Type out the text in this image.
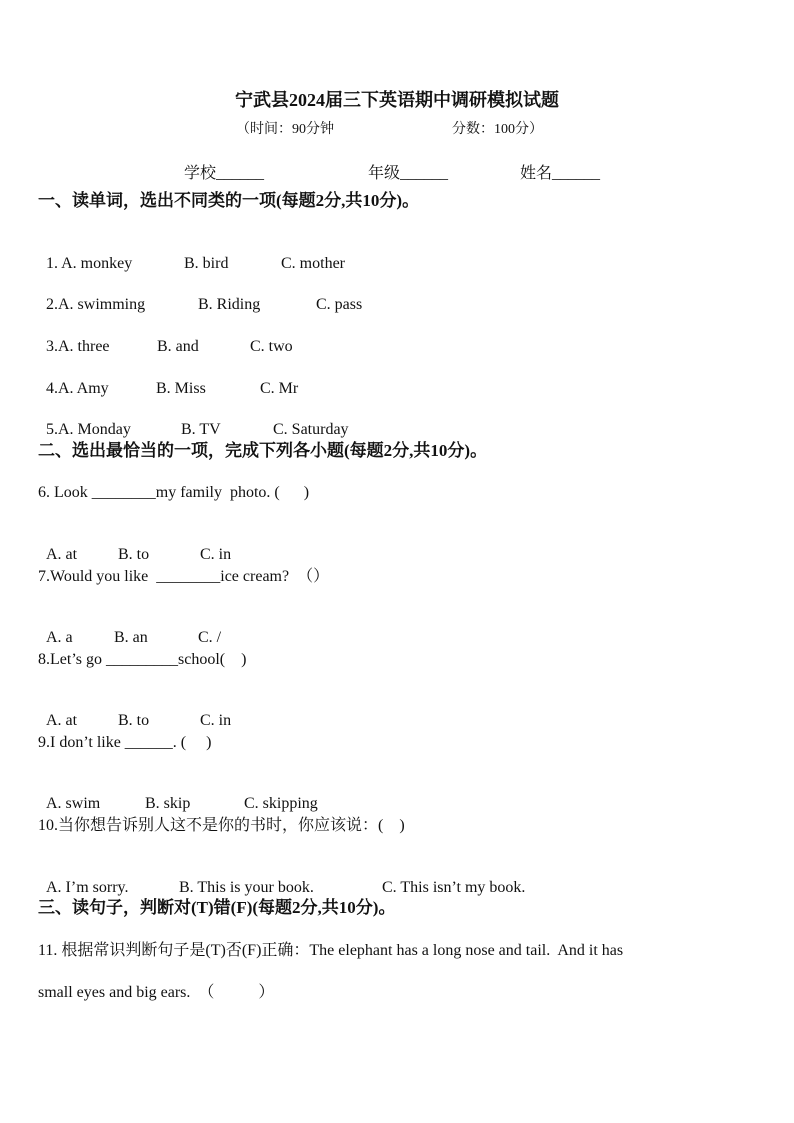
宁武县2024届三下英语期中调研模拟试题
（时间：90分钟	分数：100分）
学校______	年级______	姓名______
一、读单词，选出不同类的一项(每题2分,共10分)。

1. A. monkey	B. bird	C. mother

2.A. swimming	B. Riding	C. pass

3.A. three	B. and	C. two

4.A. Amy	B. Miss	C. Mr

5.A. Monday	B. TV	C. Saturday

二、选出最恰当的一项，完成下列各小题(每题2分,共10分)。
6. Look ________my family  photo. (      )

A. at	B. to	C. in

7.Would you like  ________ice cream?  （）

A. a	B. an	C. /

8.Let’s go _________school(    )

A. at	B. to	C. in

9.I don’t like ______. (     )

A. swim	B. skip	C. skipping

10.当你想告诉别人这不是你的书时，你应该说：(    )

A. I’m sorry.	B. This is your book.	C. This isn’t my book.

三、读句子，判断对(T)错(F)(每题2分,共10分)。
11. 根据常识判断句子是(T)否(F)正确：The elephant has a long nose and tail.  And it has
small eyes and big ears.  （           ）
